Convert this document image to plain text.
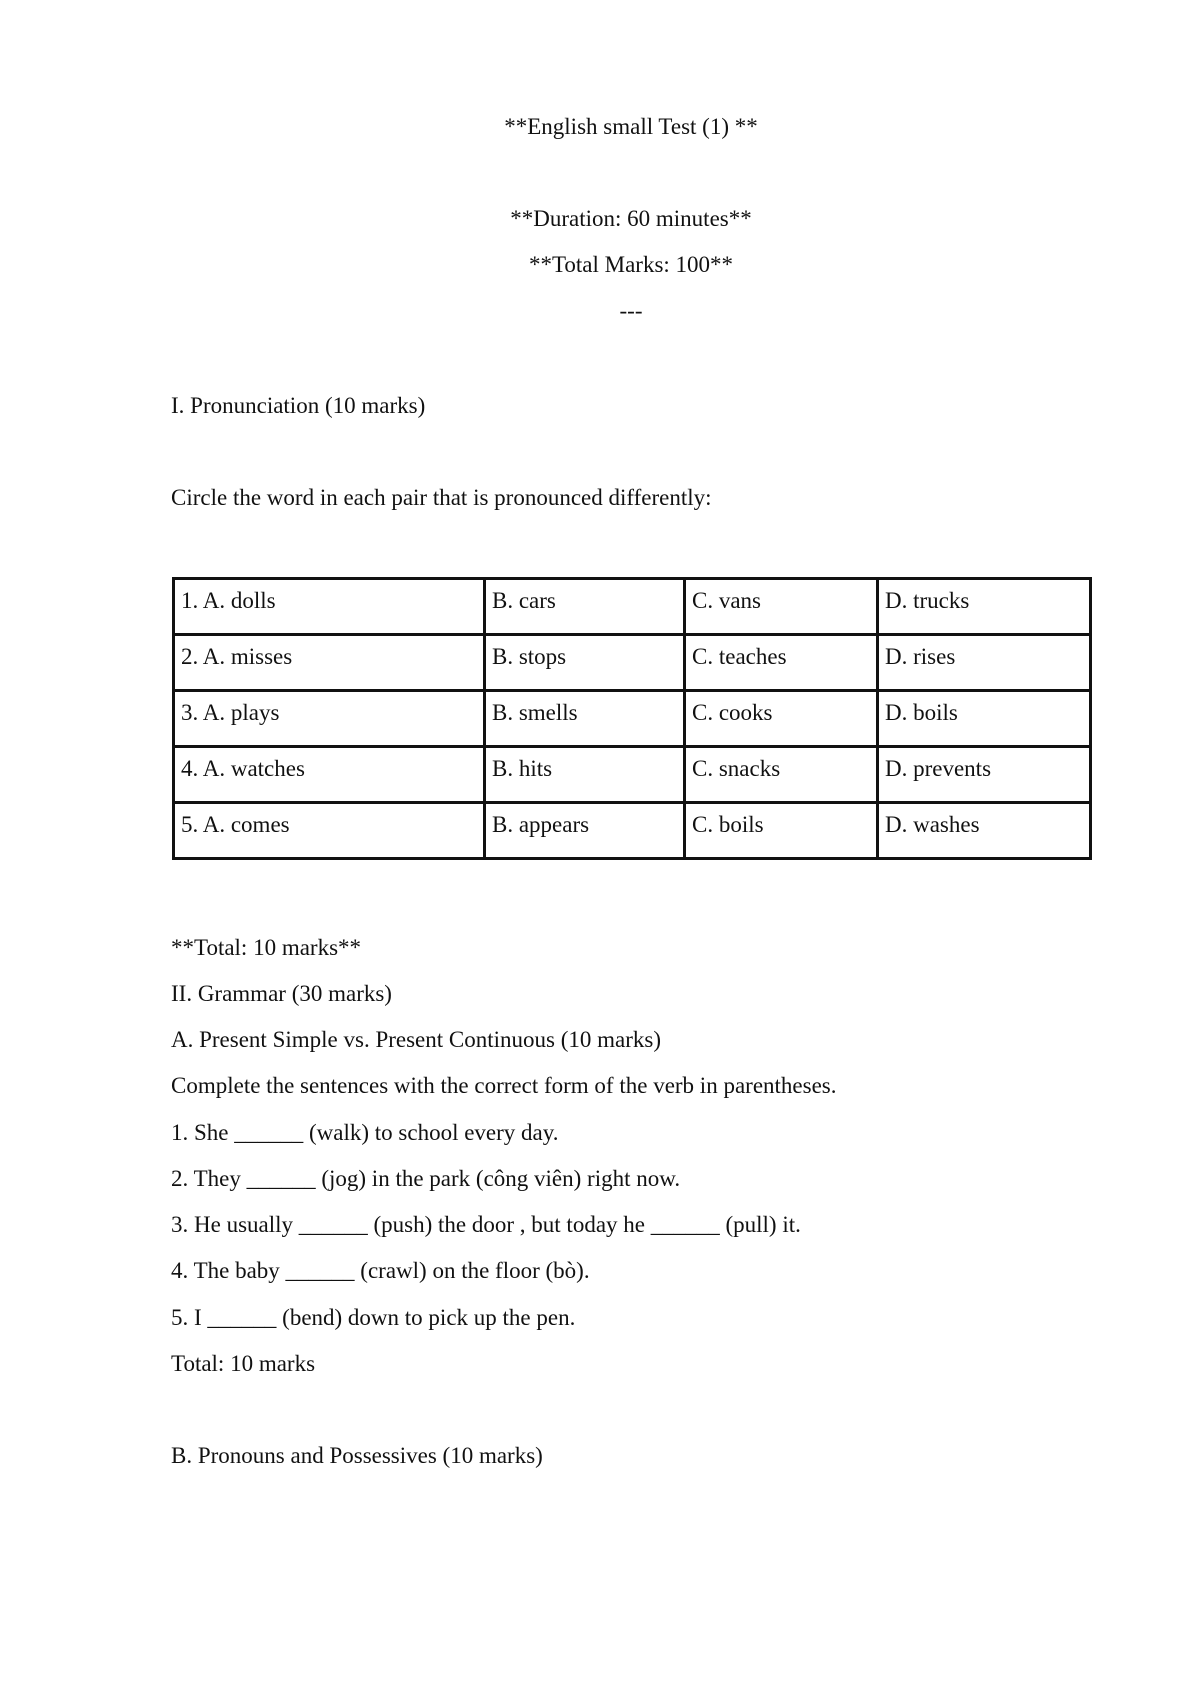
**English small Test (1) **
**Duration: 60 minutes**
**Total Marks: 100**
---
I. Pronunciation (10 marks)
Circle the word in each pair that is pronounced differently:
1. A. dolls	B. cars	C. vans	D. trucks
2. A. misses	B. stops	C. teaches	D. rises
3. A. plays	B. smells	C. cooks	D. boils
4. A. watches	B. hits	C. snacks	D. prevents
5. A. comes	B. appears	C. boils	D. washes
**Total: 10 marks**
II. Grammar (30 marks)
A. Present Simple vs. Present Continuous (10 marks)
Complete the sentences with the correct form of the verb in parentheses.
1. She ______ (walk) to school every day.
2. They ______ (jog) in the park (công viên) right now.
3. He usually ______ (push) the door , but today he ______ (pull) it.
4. The baby ______ (crawl) on the floor (bò).
5. I ______ (bend) down to pick up the pen.
Total: 10 marks
B. Pronouns and Possessives (10 marks)
